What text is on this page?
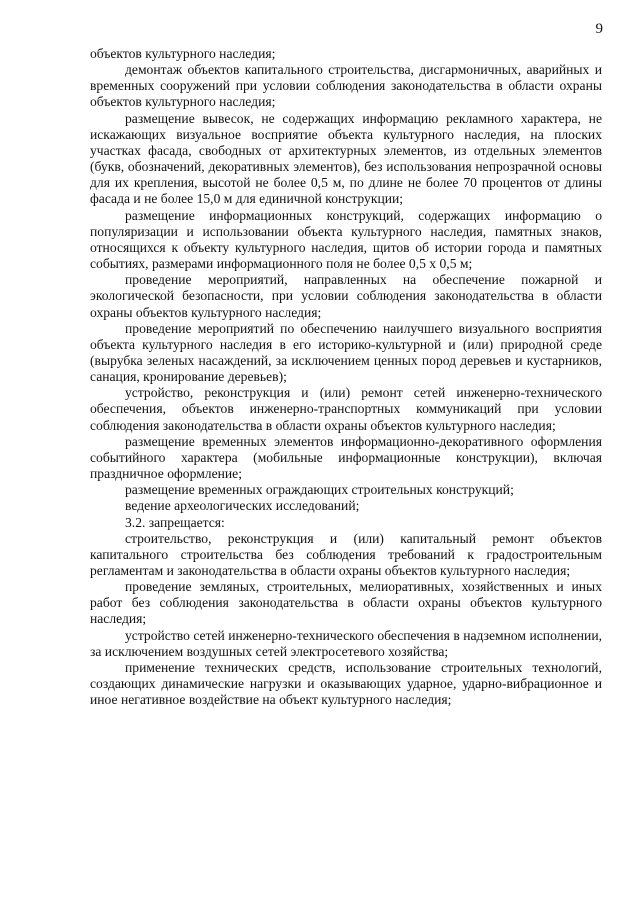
9

объектов культурного наследия;

демонтаж объектов капитального строительства, дисгармоничных, аварийных и временных сооружений при условии соблюдения законодательства в области охраны объектов культурного наследия;

размещение вывесок, не содержащих информацию рекламного характера, не искажающих визуальное восприятие объекта культурного наследия, на плоских участках фасада, свободных от архитектурных элементов, из отдельных элементов (букв, обозначений, декоративных элементов), без использования непрозрачной основы для их крепления, высотой не более 0,5 м, по длине не более 70 процентов от длины фасада и не более 15,0 м для единичной конструкции;

размещение информационных конструкций, содержащих информацию о популяризации и использовании объекта культурного наследия, памятных знаков, относящихся к объекту культурного наследия, щитов об истории города и памятных событиях, размерами информационного поля не более 0,5 х 0,5 м;

проведение мероприятий, направленных на обеспечение пожарной и экологической безопасности, при условии соблюдения законодательства в области охраны объектов культурного наследия;

проведение мероприятий по обеспечению наилучшего визуального восприятия объекта культурного наследия в его историко-культурной и (или) природной среде (вырубка зеленых насаждений, за исключением ценных пород деревьев и кустарников, санация, кронирование деревьев);

устройство, реконструкция и (или) ремонт сетей инженерно-технического обеспечения, объектов инженерно-транспортных коммуникаций при условии соблюдения законодательства в области охраны объектов культурного наследия;

размещение временных элементов информационно-декоративного оформления событийного характера (мобильные информационные конструкции), включая праздничное оформление;

размещение временных ограждающих строительных конструкций;

ведение археологических исследований;

3.2. запрещается:

строительство, реконструкция и (или) капитальный ремонт объектов капитального строительства без соблюдения требований к градостроительным регламентам и законодательства в области охраны объектов культурного наследия;

проведение земляных, строительных, мелиоративных, хозяйственных и иных работ без соблюдения законодательства в области охраны объектов культурного наследия;

устройство сетей инженерно-технического обеспечения в надземном исполнении, за исключением воздушных сетей электросетевого хозяйства;

применение технических средств, использование строительных технологий, создающих динамические нагрузки и оказывающих ударное, ударно-вибрационное и иное негативное воздействие на объект культурного наследия;
